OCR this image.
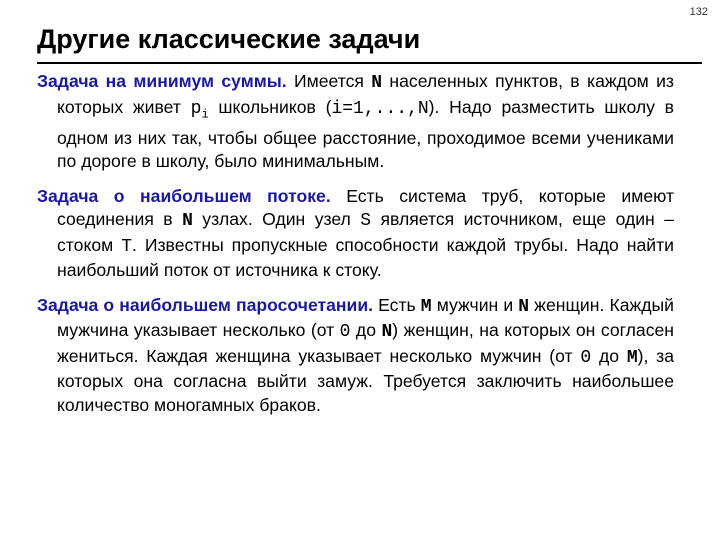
132
Другие классические задачи

Задача на минимум суммы. Имеется N населенных пунктов, в каждом из которых живет $p_i$ школьников (i=1,...,N). Надо разместить школу в одном из них так, чтобы общее расстояние, проходимое всеми учениками по дороге в школу, было минимальным.

Задача о наибольшем потоке. Есть система труб, которые имеют соединения в N узлах. Один узел S является источником, еще один – стоком T. Известны пропускные способности каждой трубы. Надо найти наибольший поток от источника к стоку.

Задача о наибольшем паросочетании. Есть M мужчин и N женщин. Каждый мужчина указывает несколько (от 0 до N) женщин, на которых он согласен жениться. Каждая женщина указывает несколько мужчин (от 0 до M), за которых она согласна выйти замуж. Требуется заключить наибольшее количество моногамных браков.
